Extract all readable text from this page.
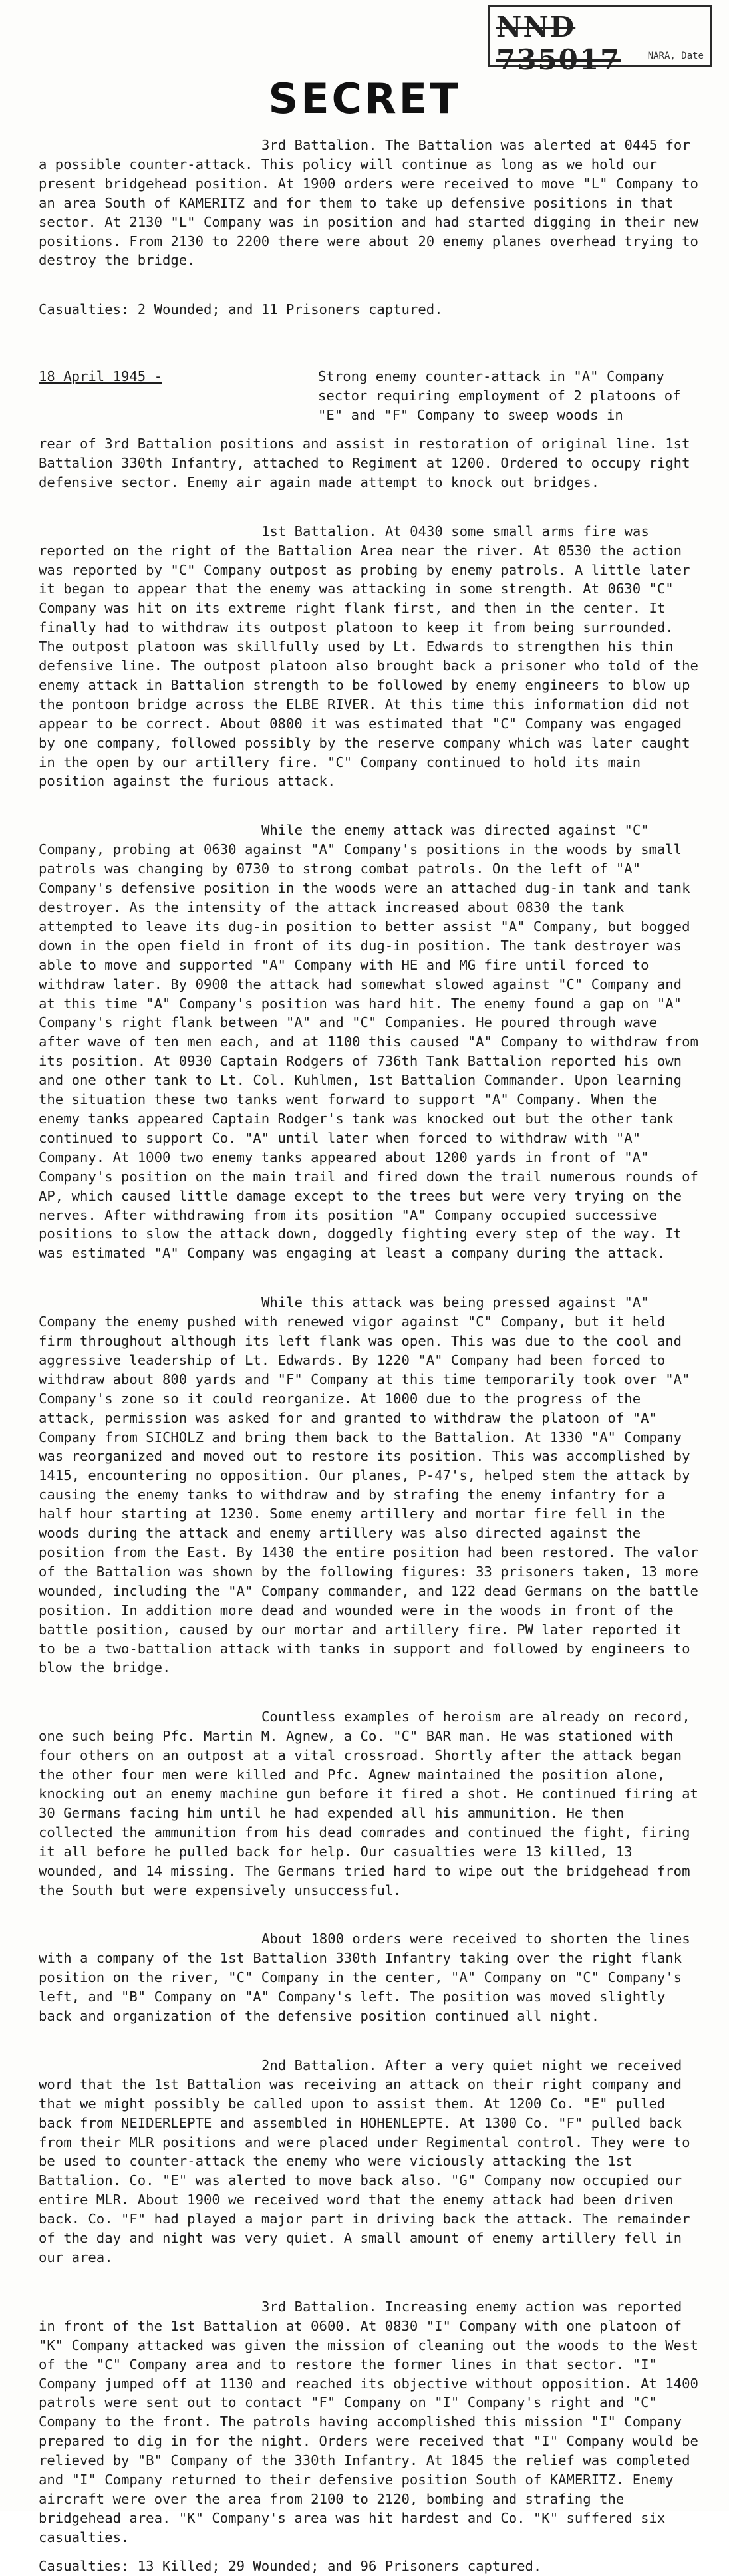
NND 735017	NARA, Date
SECRET

3rd Battalion. The Battalion was alerted at 0445 for a possible counter-attack. This policy will continue as long as we hold our present bridgehead position. At 1900 orders were received to move "L" Company to an area South of KAMERITZ and for them to take up defensive positions in that sector. At 2130 "L" Company was in position and had started digging in their new positions. From 2130 to 2200 there were about 20 enemy planes overhead trying to destroy the bridge.

Casualties: 2 Wounded; and 11 Prisoners captured.

18 April 1945 -	Strong enemy counter-attack in "A" Company sector requiring employment of 2 platoons of "E" and "F" Company to sweep woods in

rear of 3rd Battalion positions and assist in restoration of original line. 1st Battalion 330th Infantry, attached to Regiment at 1200. Ordered to occupy right defensive sector. Enemy air again made attempt to knock out bridges.

1st Battalion. At 0430 some small arms fire was reported on the right of the Battalion Area near the river. At 0530 the action was reported by "C" Company outpost as probing by enemy patrols. A little later it began to appear that the enemy was attacking in some strength. At 0630 "C" Company was hit on its extreme right flank first, and then in the center. It finally had to withdraw its outpost platoon to keep it from being surrounded. The outpost platoon was skillfully used by Lt. Edwards to strengthen his thin defensive line. The outpost platoon also brought back a prisoner who told of the enemy attack in Battalion strength to be followed by enemy engineers to blow up the pontoon bridge across the ELBE RIVER. At this time this information did not appear to be correct. About 0800 it was estimated that "C" Company was engaged by one company, followed possibly by the reserve company which was later caught in the open by our artillery fire. "C" Company continued to hold its main position against the furious attack.

While the enemy attack was directed against "C" Company, probing at 0630 against "A" Company's positions in the woods by small patrols was changing by 0730 to strong combat patrols. On the left of "A" Company's defensive position in the woods were an attached dug-in tank and tank destroyer. As the intensity of the attack increased about 0830 the tank attempted to leave its dug-in position to better assist "A" Company, but bogged down in the open field in front of its dug-in position. The tank destroyer was able to move and supported "A" Company with HE and MG fire until forced to withdraw later. By 0900 the attack had somewhat slowed against "C" Company and at this time "A" Company's position was hard hit. The enemy found a gap on "A" Company's right flank between "A" and "C" Companies. He poured through wave after wave of ten men each, and at 1100 this caused "A" Company to withdraw from its position. At 0930 Captain Rodgers of 736th Tank Battalion reported his own and one other tank to Lt. Col. Kuhlmen, 1st Battalion Commander. Upon learning the situation these two tanks went forward to support "A" Company. When the enemy tanks appeared Captain Rodger's tank was knocked out but the other tank continued to support Co. "A" until later when forced to withdraw with "A" Company. At 1000 two enemy tanks appeared about 1200 yards in front of "A" Company's position on the main trail and fired down the trail numerous rounds of AP, which caused little damage except to the trees but were very trying on the nerves. After withdrawing from its position "A" Company occupied successive positions to slow the attack down, doggedly fighting every step of the way. It was estimated "A" Company was engaging at least a company during the attack.

While this attack was being pressed against "A" Company the enemy pushed with renewed vigor against "C" Company, but it held firm throughout although its left flank was open. This was due to the cool and aggressive leadership of Lt. Edwards. By 1220 "A" Company had been forced to withdraw about 800 yards and "F" Company at this time temporarily took over "A" Company's zone so it could reorganize. At 1000 due to the progress of the attack, permission was asked for and granted to withdraw the platoon of "A" Company from SICHOLZ and bring them back to the Battalion. At 1330 "A" Company was reorganized and moved out to restore its position. This was accomplished by 1415, encountering no opposition. Our planes, P-47's, helped stem the attack by causing the enemy tanks to withdraw and by strafing the enemy infantry for a half hour starting at 1230. Some enemy artillery and mortar fire fell in the woods during the attack and enemy artillery was also directed against the position from the East. By 1430 the entire position had been restored. The valor of the Battalion was shown by the following figures: 33 prisoners taken, 13 more wounded, including the "A" Company commander, and 122 dead Germans on the battle position. In addition more dead and wounded were in the woods in front of the battle position, caused by our mortar and artillery fire. PW later reported it to be a two-battalion attack with tanks in support and followed by engineers to blow the bridge.

Countless examples of heroism are already on record, one such being Pfc. Martin M. Agnew, a Co. "C" BAR man. He was stationed with four others on an outpost at a vital crossroad. Shortly after the attack began the other four men were killed and Pfc. Agnew maintained the position alone, knocking out an enemy machine gun before it fired a shot. He continued firing at 30 Germans facing him until he had expended all his ammunition. He then collected the ammunition from his dead comrades and continued the fight, firing it all before he pulled back for help. Our casualties were 13 killed, 13 wounded, and 14 missing. The Germans tried hard to wipe out the bridgehead from the South but were expensively unsuccessful.

About 1800 orders were received to shorten the lines with a company of the 1st Battalion 330th Infantry taking over the right flank position on the river, "C" Company in the center, "A" Company on "C" Company's left, and "B" Company on "A" Company's left. The position was moved slightly back and organization of the defensive position continued all night.

2nd Battalion. After a very quiet night we received word that the 1st Battalion was receiving an attack on their right company and that we might possibly be called upon to assist them. At 1200 Co. "E" pulled back from NEIDERLEPTE and assembled in HOHENLEPTE. At 1300 Co. "F" pulled back from their MLR positions and were placed under Regimental control. They were to be used to counter-attack the enemy who were viciously attacking the 1st Battalion. Co. "E" was alerted to move back also. "G" Company now occupied our entire MLR. About 1900 we received word that the enemy attack had been driven back. Co. "F" had played a major part in driving back the attack. The remainder of the day and night was very quiet. A small amount of enemy artillery fell in our area.

3rd Battalion. Increasing enemy action was reported in front of the 1st Battalion at 0600. At 0830 "I" Company with one platoon of "K" Company attacked was given the mission of cleaning out the woods to the West of the "C" Company area and to restore the former lines in that sector. "I" Company jumped off at 1130 and reached its objective without opposition. At 1400 patrols were sent out to contact "F" Company on "I" Company's right and "C" Company to the front. The patrols having accomplished this mission "I" Company prepared to dig in for the night. Orders were received that "I" Company would be relieved by "B" Company of the 330th Infantry. At 1845 the relief was completed and "I" Company returned to their defensive position South of KAMERITZ. Enemy aircraft were over the area from 2100 to 2120, bombing and strafing the bridgehead area. "K" Company's area was hit hardest and Co. "K" suffered six casualties.

Casualties: 13 Killed; 29 Wounded; and 96 Prisoners captured.
